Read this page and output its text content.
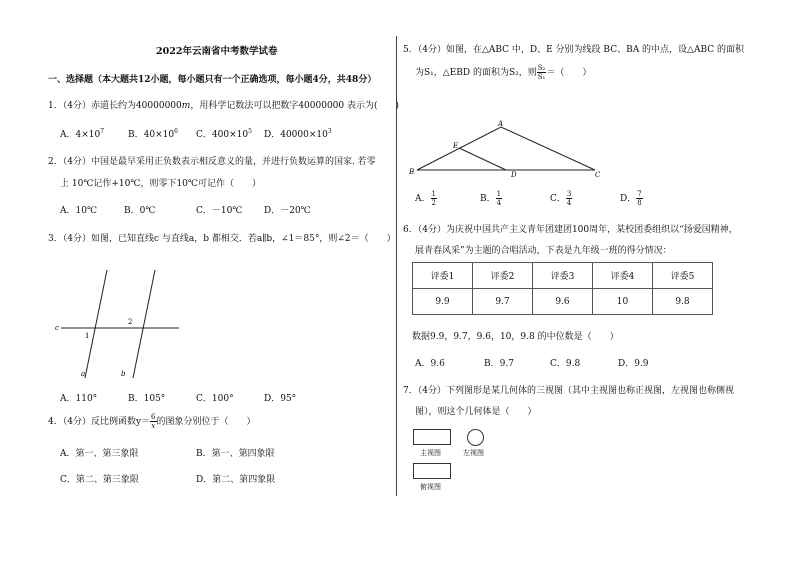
2022年云南省中考数学试卷
一、选择题（本大题共12小题，每小题只有一个正确选项，每小题4分，共48分）
1．（4分）赤道长约为40000000m，用科学记数法可以把数字40000000 表示为(　　)
A．$4\times 10^7$	B．$40\times 10^6$ C．$400\times 10^5$ D．$40000\times 10^3$
2．（4分）中国是最早采用正负数表示相反意义的量，并进行负数运算的国家. 若零
上 10℃记作+10℃，则零下10℃可记作（　　）
A．10℃	B．0℃	C．－10℃ D．－20℃
3．（4分）如图，已知直线c 与直线a，b 都相交．若a∥b，∠1＝85°，则∠2＝（　　）
c
a	b
1
2
A．110°	B．105°	C．100°	D．95°
4．（4分）反比例函数$y= \frac{6}{x}$ 的图象分别位于（　　）
A．第一、第三象限	B．第一、第四象限
C．第二、第三象限	D．第二、第四象限
5．（4分）如图，在△ABC 中，D、E 分别为线段 BC、BA 的中点，设△ABC 的面积
为S₁，△EBD 的面积为S₂，则 $\frac{\text{S₂}}{\text{S₁}}$ ＝（　　）
A
E
B	D	C
A． $\frac{1}{2}$	B． $\frac{1}{4}$	C． $\frac{3}{4}$	D． $\frac{7}{8}$
6．（4分）为庆祝中国共产主义青年团建团100周年，某校团委组织以“扬爱国精神，
展青春风采”为主题的合唱活动，下表是九年级一班的得分情况：
评委1	评委2	评委3	评委4	评委5
9.9	9.7	9.6	10	9.8
数据9.9，9.7，9.6，10，9.8 的中位数是（　　）
A．9.6	B．9.7	C．9.8	D．9.9
7．（4分）下列图形是某几何体的三视图（其中主视图也称正视图，左视图也称侧视
图），则这个几何体是（　　）
主视图	左视图
俯视图
